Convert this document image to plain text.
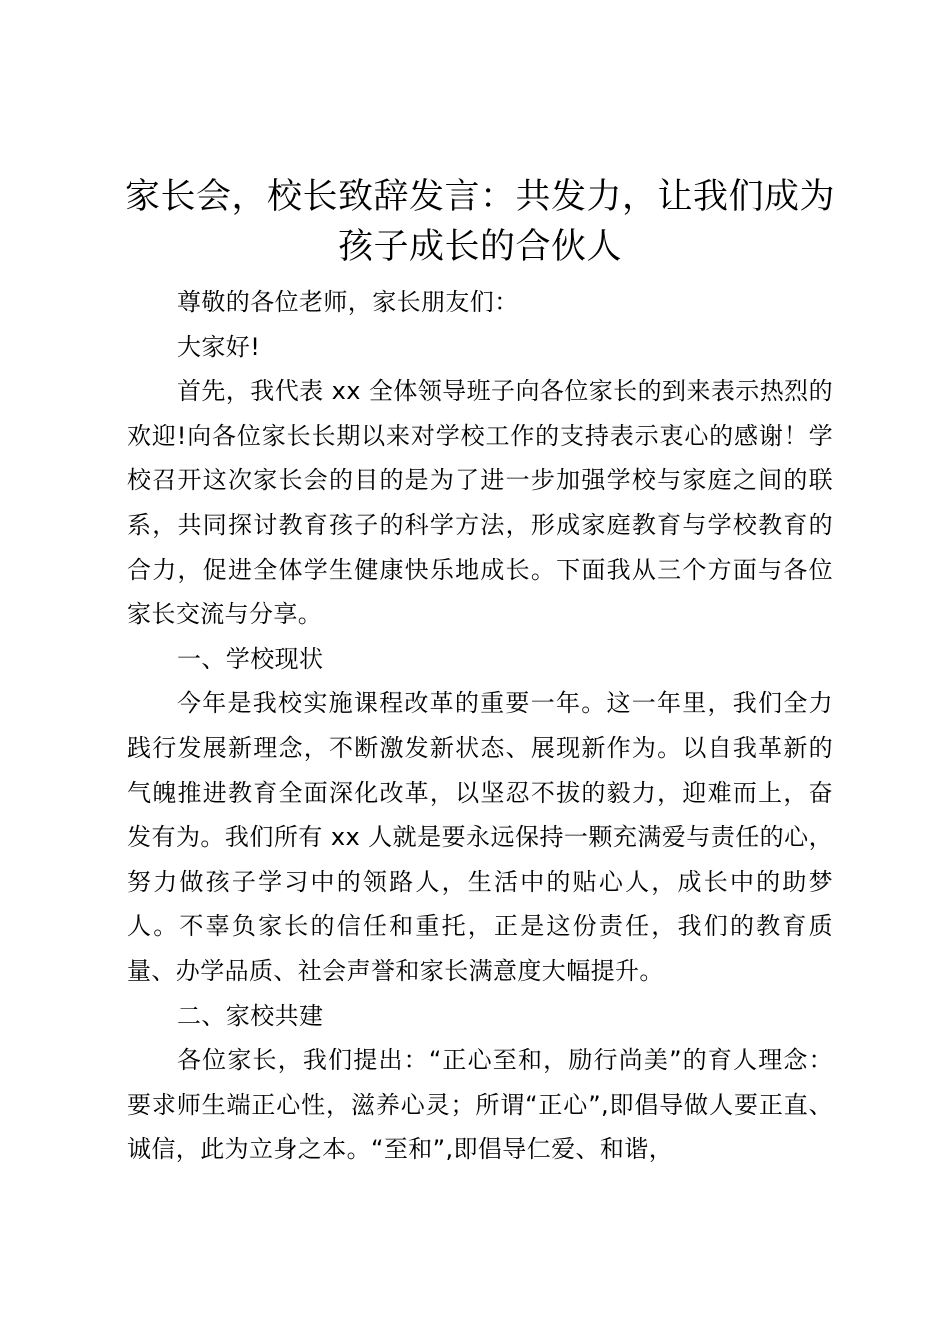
家长会，校长致辞发言：共发力，让我们成为
孩子成长的合伙人

尊敬的各位老师，家长朋友们：

大家好!

首先，我代表 xx 全体领导班子向各位家长的到来表示热烈的欢迎!向各位家长长期以来对学校工作的支持表示衷心的感谢！学校召开这次家长会的目的是为了进一步加强学校与家庭之间的联系，共同探讨教育孩子的科学方法，形成家庭教育与学校教育的合力，促进全体学生健康快乐地成长。下面我从三个方面与各位家长交流与分享。

一、学校现状

今年是我校实施课程改革的重要一年。这一年里，我们全力践行发展新理念，不断激发新状态、展现新作为。以自我革新的气魄推进教育全面深化改革，以坚忍不拔的毅力，迎难而上，奋发有为。我们所有 xx 人就是要永远保持一颗充满爱与责任的心，努力做孩子学习中的领路人，生活中的贴心人，成长中的助梦人。不辜负家长的信任和重托，正是这份责任，我们的教育质量、办学品质、社会声誉和家长满意度大幅提升。

二、家校共建

各位家长，我们提出：“正心至和，励行尚美”的育人理念：要求师生端正心性，滋养心灵；所谓“正心”,即倡导做人要正直、诚信，此为立身之本。“至和”,即倡导仁爱、和谐，
